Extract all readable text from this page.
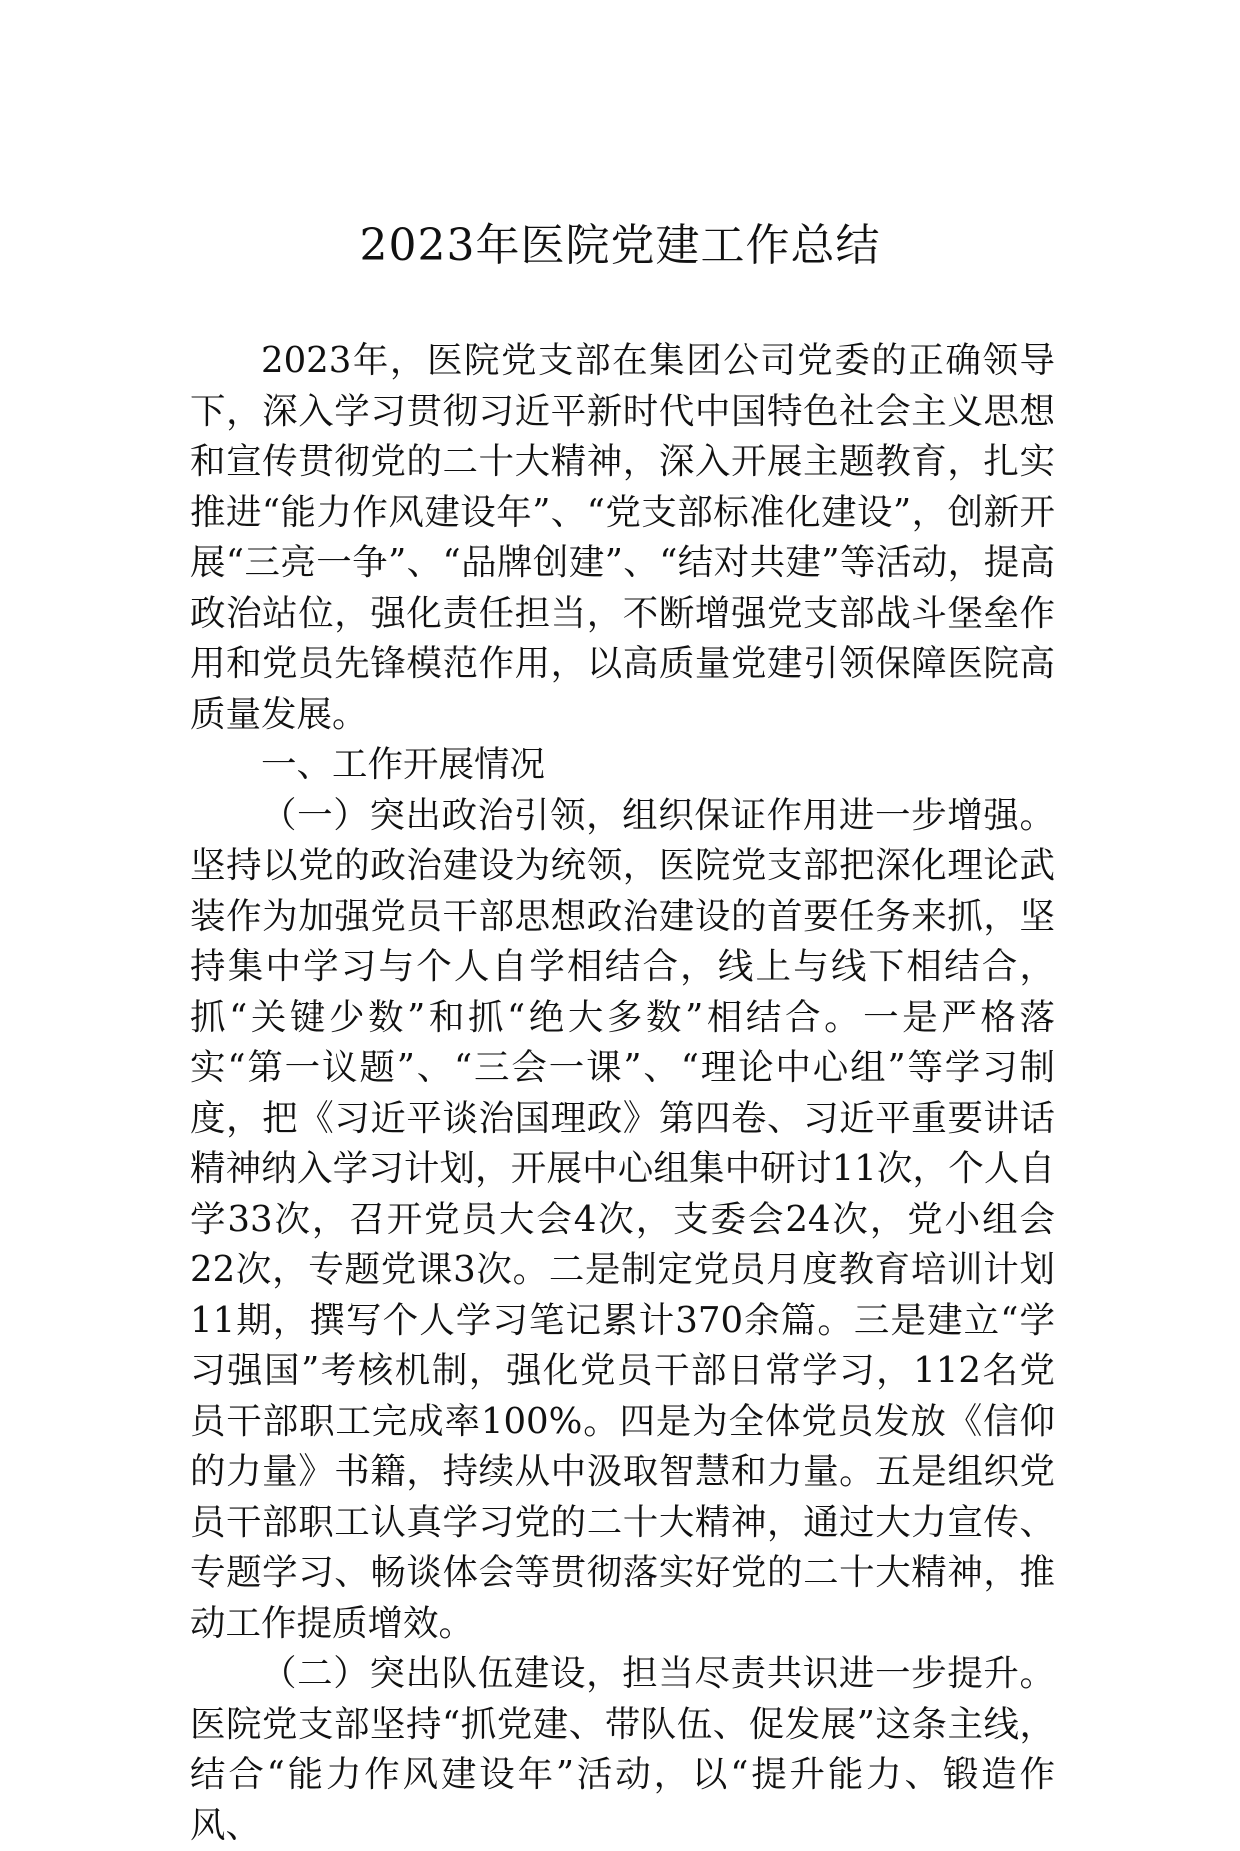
2023年医院党建工作总结

2023年，医院党支部在集团公司党委的正确领导下，深入学习贯彻习近平新时代中国特色社会主义思想和宣传贯彻党的二十大精神，深入开展主题教育，扎实推进“能力作风建设年”、“党支部标准化建设”，创新开展“三亮一争”、“品牌创建”、“结对共建”等活动，提高政治站位，强化责任担当，不断增强党支部战斗堡垒作用和党员先锋模范作用，以高质量党建引领保障医院高质量发展。

一、工作开展情况

（一）突出政治引领，组织保证作用进一步增强。坚持以党的政治建设为统领，医院党支部把深化理论武装作为加强党员干部思想政治建设的首要任务来抓，坚持集中学习与个人自学相结合，线上与线下相结合，抓“关键少数”和抓“绝大多数”相结合。一是严格落实“第一议题”、“三会一课”、“理论中心组”等学习制度，把《习近平谈治国理政》第四卷、习近平重要讲话精神纳入学习计划，开展中心组集中研讨11次，个人自学33次，召开党员大会4次，支委会24次，党小组会22次，专题党课3次。二是制定党员月度教育培训计划11期，撰写个人学习笔记累计370余篇。三是建立“学习强国”考核机制，强化党员干部日常学习，112名党员干部职工完成率100%。四是为全体党员发放《信仰的力量》书籍，持续从中汲取智慧和力量。五是组织党员干部职工认真学习党的二十大精神，通过大力宣传、专题学习、畅谈体会等贯彻落实好党的二十大精神，推动工作提质增效。

（二）突出队伍建设，担当尽责共识进一步提升。医院党支部坚持“抓党建、带队伍、促发展”这条主线，结合“能力作风建设年”活动，以“提升能力、锻造作风、
